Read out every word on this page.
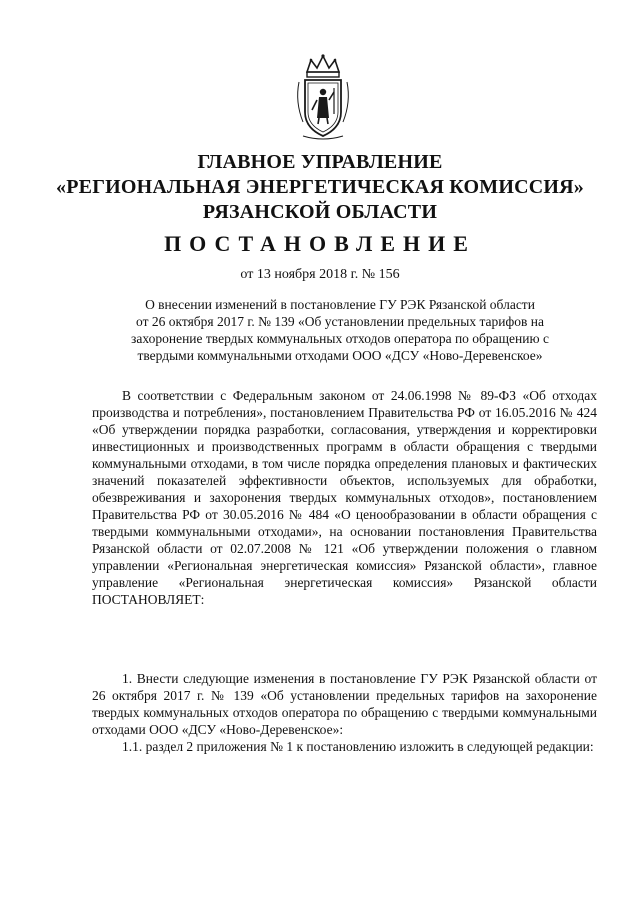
ГЛАВНОЕ УПРАВЛЕНИЕ
«РЕГИОНАЛЬНАЯ ЭНЕРГЕТИЧЕСКАЯ КОМИССИЯ»
РЯЗАНСКОЙ ОБЛАСТИ
ПОСТАНОВЛЕНИЕ
от 13 ноября 2018 г. № 156
О внесении изменений в постановление ГУ РЭК Рязанской области
от 26 октября 2017 г. № 139 «Об установлении предельных тарифов на
захоронение твердых коммунальных отходов оператора по обращению с
твердыми коммунальными отходами ООО «ДСУ «Ново-Деревенское»

В соответствии с Федеральным законом от 24.06.1998 № 89-ФЗ «Об отходах производства и потребления», постановлением Правительства РФ от 16.05.2016 № 424 «Об утверждении порядка разработки, согласования, утверждения и корректировки инвестиционных и производственных программ в области обращения с твердыми коммунальными отходами, в том числе порядка определения плановых и фактических значений показателей эффективности объектов, используемых для обработки, обезвреживания и захоронения твердых коммунальных отходов», постановлением Правительства РФ от 30.05.2016 № 484 «О ценообразовании в области обращения с твердыми коммунальными отходами», на основании постановления Правительства Рязанской области от 02.07.2008 № 121 «Об утверждении положения о главном управлении «Региональная энергетическая комиссия» Рязанской области», главное управление «Региональная энергетическая комиссия» Рязанской области ПОСТАНОВЛЯЕТ:

1. Внести следующие изменения в постановление ГУ РЭК Рязанской области от 26 октября 2017 г. № 139 «Об установлении предельных тарифов на захоронение твердых коммунальных отходов оператора по обращению с твердыми коммунальными отходами ООО «ДСУ «Ново-Деревенское»:

1.1. раздел 2 приложения № 1 к постановлению изложить в следующей редакции:
